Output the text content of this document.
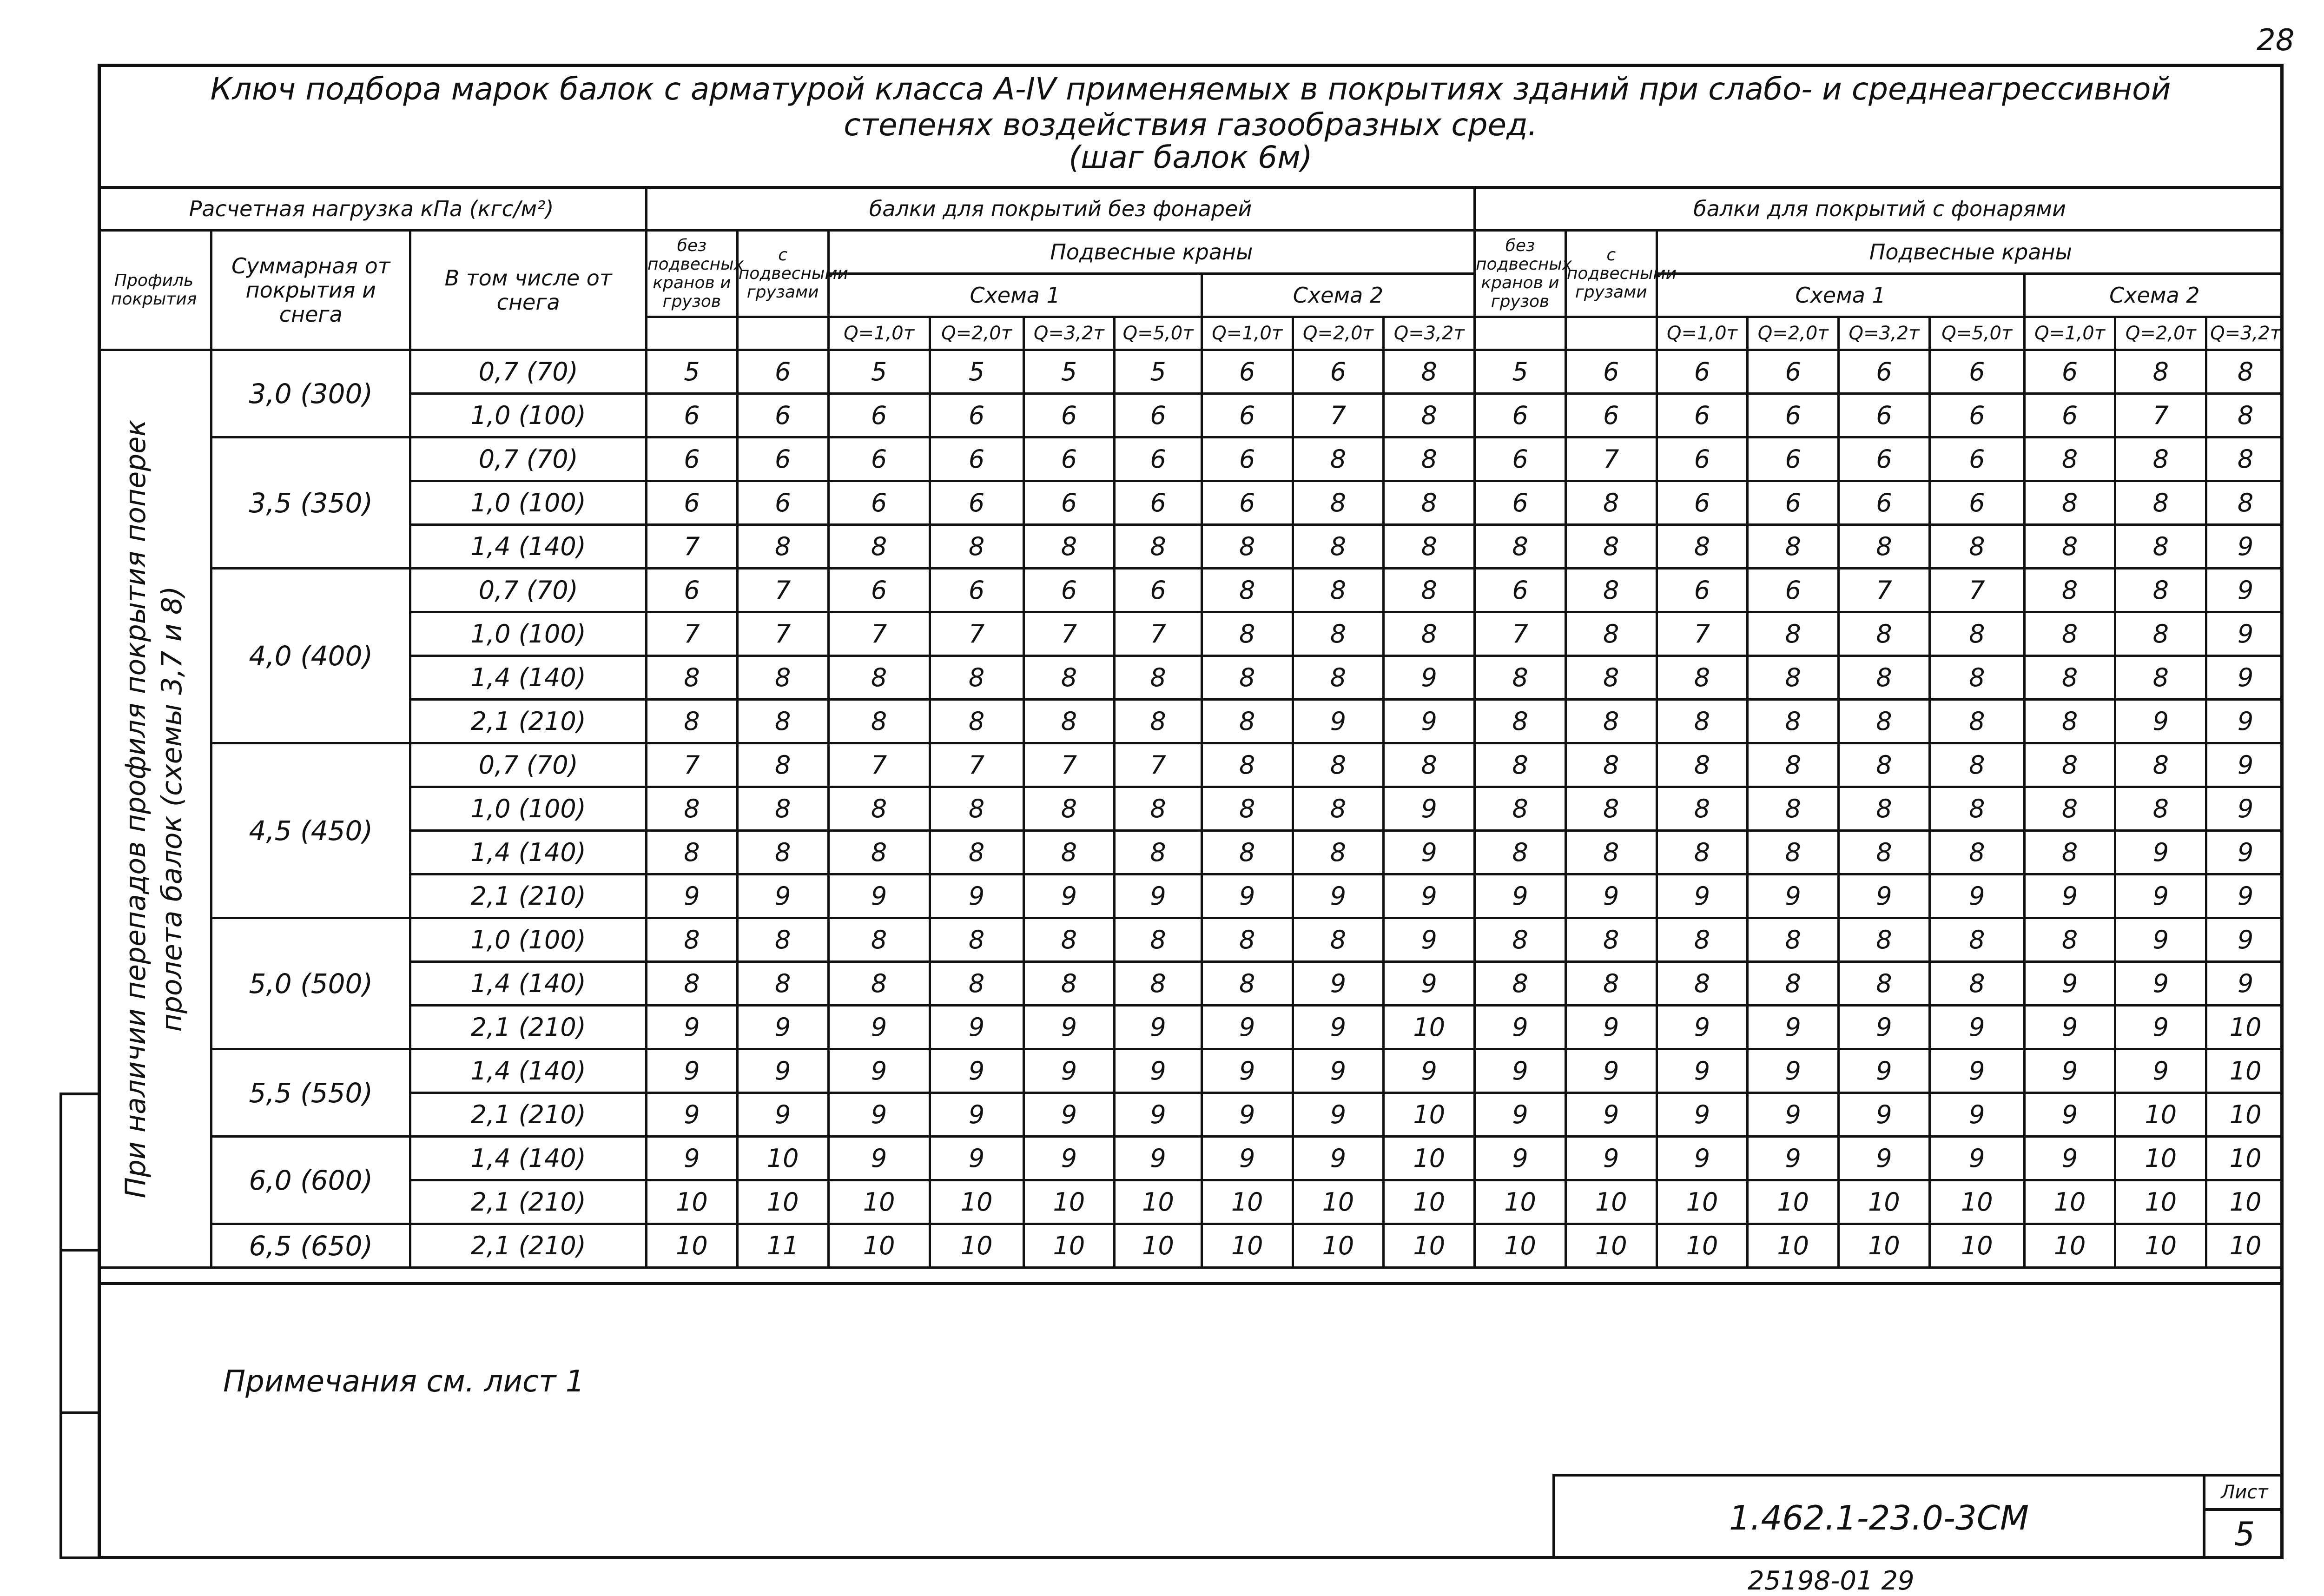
28
Ключ подбора марок балок с арматурой класса А-IV применяемых в покрытиях зданий при слабо- и среднеагрессивной
степенях воздействия газообразных сред.
(шаг балок 6м)
Расчетная нагрузка кПа (кгс/м²)			балки для покрытий без фонарей									балки для покрытий с фонарями								
Профиль покрытия	Суммарная от покрытия и снега	В том числе от снега	без подвесных кранов и грузов	с подвесными грузами	Подвесные краны							без подвесных кранов и грузов	с подвесными грузами	Подвесные краны						
					Схема 1				Схема 2					Схема 1				Схема 2		
					Q=1,0т	Q=2,0т	Q=3,2т	Q=5,0т	Q=1,0т	Q=2,0т	Q=3,2т			Q=1,0т	Q=2,0т	Q=3,2т	Q=5,0т	Q=1,0т	Q=2,0т	Q=3,2т

При наличии перепадов профиля покрытия поперек пролета балок (схемы 3,7 и 8)	3,0 (300)	0,7 (70)	5	6	5	5	5	5	6	6	8	5	6	6	6	6	6	6	8	8
		1,0 (100)	6	6	6	6	6	6	6	7	8	6	6	6	6	6	6	6	7	8
	3,5 (350)	0,7 (70)	6	6	6	6	6	6	6	8	8	6	7	6	6	6	6	8	8	8
		1,0 (100)	6	6	6	6	6	6	6	8	8	6	8	6	6	6	6	8	8	8
		1,4 (140)	7	8	8	8	8	8	8	8	8	8	8	8	8	8	8	8	8	9
	4,0 (400)	0,7 (70)	6	7	6	6	6	6	8	8	8	6	8	6	6	7	7	8	8	9
		1,0 (100)	7	7	7	7	7	7	8	8	8	7	8	7	8	8	8	8	8	9
		1,4 (140)	8	8	8	8	8	8	8	8	9	8	8	8	8	8	8	8	8	9
		2,1 (210)	8	8	8	8	8	8	8	9	9	8	8	8	8	8	8	8	9	9
	4,5 (450)	0,7 (70)	7	8	7	7	7	7	8	8	8	8	8	8	8	8	8	8	8	9
		1,0 (100)	8	8	8	8	8	8	8	8	9	8	8	8	8	8	8	8	8	9
		1,4 (140)	8	8	8	8	8	8	8	8	9	8	8	8	8	8	8	8	9	9
		2,1 (210)	9	9	9	9	9	9	9	9	9	9	9	9	9	9	9	9	9	9
	5,0 (500)	1,0 (100)	8	8	8	8	8	8	8	8	9	8	8	8	8	8	8	8	9	9
		1,4 (140)	8	8	8	8	8	8	8	9	9	8	8	8	8	8	8	9	9	9
		2,1 (210)	9	9	9	9	9	9	9	9	10	9	9	9	9	9	9	9	9	10
	5,5 (550)	1,4 (140)	9	9	9	9	9	9	9	9	9	9	9	9	9	9	9	9	9	10
		2,1 (210)	9	9	9	9	9	9	9	9	10	9	9	9	9	9	9	9	10	10
	6,0 (600)	1,4 (140)	9	10	9	9	9	9	9	9	10	9	9	9	9	9	9	9	10	10
		2,1 (210)	10	10	10	10	10	10	10	10	10	10	10	10	10	10	10	10	10	10
	6,5 (650)	2,1 (210)	10	11	10	10	10	10	10	10	10	10	10	10	10	10	10	10	10	10
Примечания см. лист 1
1.462.1-23.0-3СМ
Лист
5
25198-01 29
